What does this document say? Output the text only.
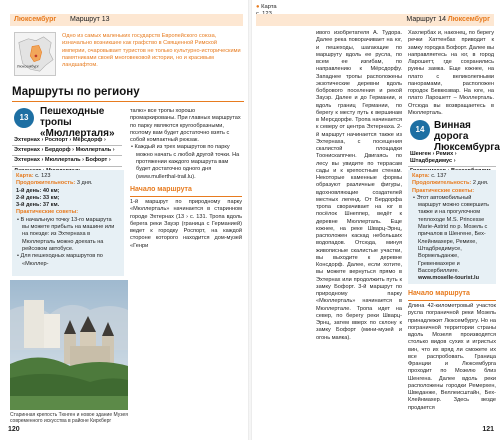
Люксембург Маршрут 13
Люксембург
Одно из самых маленьких государств Европейского союза, изначально возникшее как графство в Священной Римской империи, очаровывает туристов не только культурно-историческими памятниками своей многовековой истории, но и красивым ландшафтом.
Маршруты по региону
13
Пешеходные тропы «Мюллерталя»
Эхтернах › Роспорт › Мёрсдорф ›
Эхтернах › Бердорф › Мюллерталь ›
Эхтернах › Мюллерталь › Бофорт ›
Карта: с. 123
Продолжительность: 3 дня.
1-й день: 40 км;
2-й день: 33 км;
3-й день: 37 км.
Практические советы:
• В начальную точку 13-го маршрута вы можете прибыть на машине или на поезде: из Эхтернаха в Мюллерталь можно доехать на рейсовом автобусе.
• Для пешеходных маршрутов по «Мюллер-
талю» все тропы хорошо промаркированы. При главных маршрутах по парку являются кругообразными, поэтому вам будет достаточно взять с собой компактный рюкзак.
• Каждый из трех маршрутов по парку можно начать с любой другой точки. На протяжении каждого маршрута вам будет достаточно одного дня (www.mullerthal-trail.lu).
Начало маршрута
1-й маршрут по природному парку «Мюллерталь» начинается в старинном городе Эхтернах (13 › с. 131. Тропа вдоль берега реки Зауэр (граница с Германией) ведет к городку Роспорт, на каждой стороне которого находится дом-музей «Генри
Старинная крепость Тюнген и новое здание Музея современного искусства в районе Кирхберг
120
● Карта
Маршрут 14 Люксембург
ивого изобретателя А. Тудора. Далее река поворачивает на юг, и пешеходы, шагающие по маршруту вдоль ее русла, по всем ее изгибам, по направлению к Мёрсдорфу. Западнее тропы расположены экзотические деревни вдоль бобрового поселения и рекой Зауэр. Далее и до Германии, и вдоль границ Германии, по берегу к месту путь к вершинам в Мерсдорфе. Тропа начинается к северу от центра Эхтернаха. 2-й маршрут начинается также из Эхтернаха, с посещения скалистой площадки Тоонискаппчен. Двигаясь по лесу вы увидите по террасам сады и к крепостным стенам. Некоторые каменные формы образуют различные фигуры, вдохновляющие создателей местных легенд. От Бердорфа тропа сворачивает на юг в посёлок Шнеппер, ведёт к деревне Мюллерталь. Еще южнее, на реке Шварц-Эрнц, расположен каскад небольших водопадов. Отсюда, минуя живописные скалистые участки, вы выходите к деревне Консдорф. Далее, если хотите, вы можете вернуться прямо в Эхтернах или продолжить путь к замку Бофорт. 3-й маршрут по природному парку «Мюллерталь» начинается в Мюллертале. Тропа идет на север, по берегу реки Шварц-Эрнц, затем вверх по склону к замку Бофорт (мини-музей и огонь маяка).
Хахлербах и, наконец, по берегу речки Хаттенбах приводит к замку городка Бофорт. Далее вы направляетесь на юг, в город Ларошетт, где сохранились руины замка. Еще южнее, на плато с великолепными панорамами, расположен городок Бевкюзвар. На юге, на плато Ларошетт – Мюллерталь. Отсюда вы возвращаетесь в Мюллерталь.
14 Винная дорога Люксембурга
Шенген › Ремих › Штадбредимус ›
Карта: с. 137
Продолжительность: 2 дня.
Практические советы:
• Этот автомобильный маршрут можно совершить также и на прогулочном теплоходе M.S. Princesse Marie-Astrid по р. Мозель с причалов в Шенгене, Бех-Клейнмахере, Ремихе, Штадбредимусе, Вормельданже, Гревенмахере и Вассербиллиге.
www.moselle-tourist.lu
Начало маршрута
Длина 42-километровый участок русла пограничной реки Мозель принадлежит Люксембургу. Но на пограничной территории страны вдоль Мозеля производятся столько видов сухих и игристых вин, что их вряд ли сможете их все распробовать. Граница Франции и Люксембурга проходит по Мозелю близ Шенгена. Далее вдоль реки расположены городки Ремерхен, Шведанже, Веллеисштайн, Бех-Клейнмахер. Здесь везде продается
121
